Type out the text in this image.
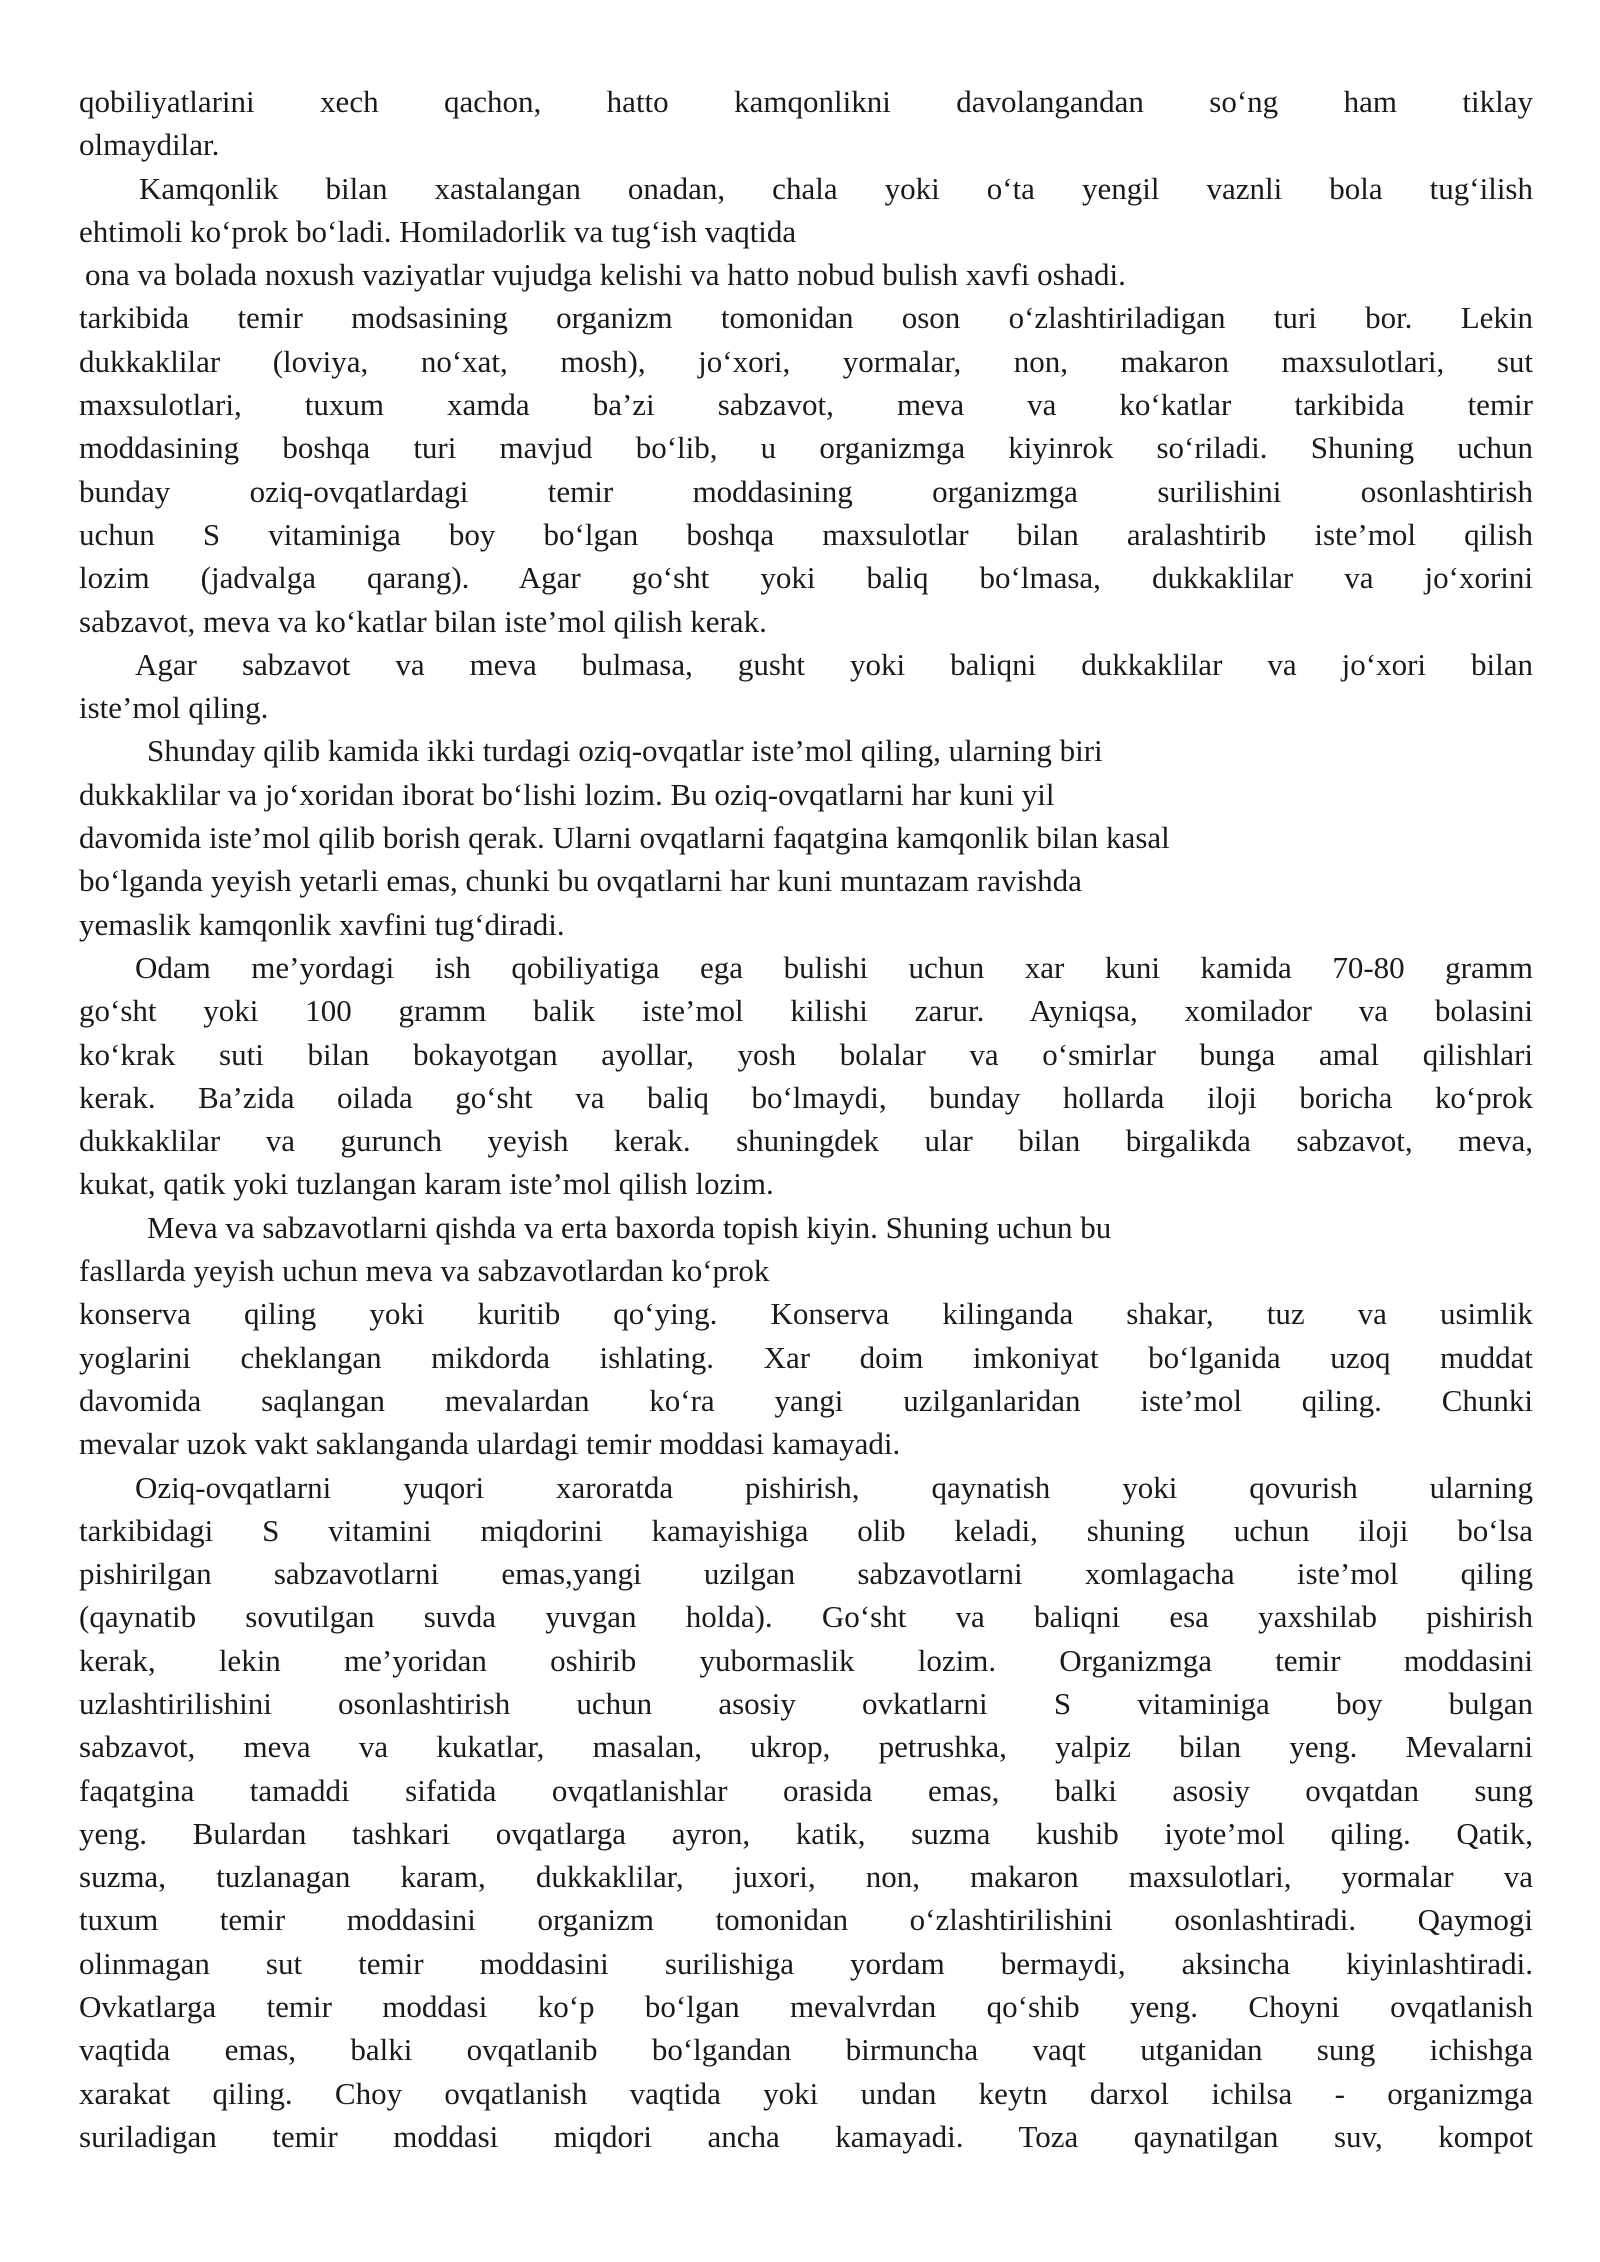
qobiliyatlarini xech qachon, hatto kamqonlikni davolangandan so‘ng ham tiklay
olmaydilar.
Kamqonlik bilan xastalangan onadan, chala yoki o‘ta yengil vaznli bola tug‘ilish
ehtimoli ko‘prok bo‘ladi. Homiladorlik va tug‘ish vaqtida
ona va bolada noxush vaziyatlar vujudga kelishi va hatto nobud bulish xavfi oshadi.
tarkibida temir modsasining organizm tomonidan oson o‘zlashtiriladigan turi bor. Lekin
dukkaklilar (loviya, no‘xat, mosh), jo‘xori, yormalar, non, makaron maxsulotlari, sut
maxsulotlari, tuxum xamda ba’zi sabzavot, meva va ko‘katlar tarkibida temir
moddasining boshqa turi mavjud bo‘lib, u organizmga kiyinrok so‘riladi. Shuning uchun
bunday oziq-ovqatlardagi temir moddasining organizmga surilishini osonlashtirish
uchun S vitaminiga boy bo‘lgan boshqa maxsulotlar bilan aralashtirib iste’mol qilish
lozim (jadvalga qarang). Agar go‘sht yoki baliq bo‘lmasa, dukkaklilar va jo‘xorini
sabzavot, meva va ko‘katlar bilan iste’mol qilish kerak.
Agar sabzavot va meva bulmasa, gusht yoki baliqni dukkaklilar va jo‘xori bilan
iste’mol qiling.
Shunday qilib kamida ikki turdagi oziq-ovqatlar iste’mol qiling, ularning biri
dukkaklilar va jo‘xoridan iborat bo‘lishi lozim. Bu oziq-ovqatlarni har kuni yil
davomida iste’mol qilib borish qerak. Ularni ovqatlarni faqatgina kamqonlik bilan kasal
bo‘lganda yeyish yetarli emas, chunki bu ovqatlarni har kuni muntazam ravishda
yemaslik kamqonlik xavfini tug‘diradi.
Odam me’yordagi ish qobiliyatiga ega bulishi uchun xar kuni kamida 70-80 gramm
go‘sht yoki 100 gramm balik iste’mol kilishi zarur. Ayniqsa, xomilador va bolasini
ko‘krak suti bilan bokayotgan ayollar, yosh bolalar va o‘smirlar bunga amal qilishlari
kerak. Ba’zida oilada go‘sht va baliq bo‘lmaydi, bunday hollarda iloji boricha ko‘prok
dukkaklilar va gurunch yeyish kerak. shuningdek ular bilan birgalikda sabzavot, meva,
kukat, qatik yoki tuzlangan karam iste’mol qilish lozim.
Meva va sabzavotlarni qishda va erta baxorda topish kiyin. Shuning uchun bu
fasllarda yeyish uchun meva va sabzavotlardan ko‘prok
konserva qiling yoki kuritib qo‘ying. Konserva kilinganda shakar, tuz va usimlik
yoglarini cheklangan mikdorda ishlating. Xar doim imkoniyat bo‘lganida uzoq muddat
davomida saqlangan mevalardan ko‘ra yangi uzilganlaridan iste’mol qiling. Chunki
mevalar uzok vakt saklanganda ulardagi temir moddasi kamayadi.
Oziq-ovqatlarni yuqori xaroratda pishirish, qaynatish yoki qovurish ularning
tarkibidagi S vitamini miqdorini kamayishiga olib keladi, shuning uchun iloji bo‘lsa
pishirilgan sabzavotlarni emas,yangi uzilgan sabzavotlarni xomlagacha iste’mol qiling
(qaynatib sovutilgan suvda yuvgan holda). Go‘sht va baliqni esa yaxshilab pishirish
kerak, lekin me’yoridan oshirib yubormaslik lozim. Organizmga temir moddasini
uzlashtirilishini osonlashtirish uchun asosiy ovkatlarni S vitaminiga boy bulgan
sabzavot, meva va kukatlar, masalan, ukrop, petrushka, yalpiz bilan yeng. Mevalarni
faqatgina tamaddi sifatida ovqatlanishlar orasida emas, balki asosiy ovqatdan sung
yeng. Bulardan tashkari ovqatlarga ayron, katik, suzma kushib iyote’mol qiling. Qatik,
suzma, tuzlanagan karam, dukkaklilar, juxori, non, makaron maxsulotlari, yormalar va
tuxum temir moddasini organizm tomonidan o‘zlashtirilishini osonlashtiradi. Qaymogi
olinmagan sut temir moddasini surilishiga yordam bermaydi, aksincha kiyinlashtiradi.
Ovkatlarga temir moddasi ko‘p bo‘lgan mevalvrdan qo‘shib yeng. Choyni ovqatlanish
vaqtida emas, balki ovqatlanib bo‘lgandan birmuncha vaqt utganidan sung ichishga
xarakat qiling. Choy ovqatlanish vaqtida yoki undan keytn darxol ichilsa - organizmga
suriladigan temir moddasi miqdori ancha kamayadi. Toza qaynatilgan suv, kompot
